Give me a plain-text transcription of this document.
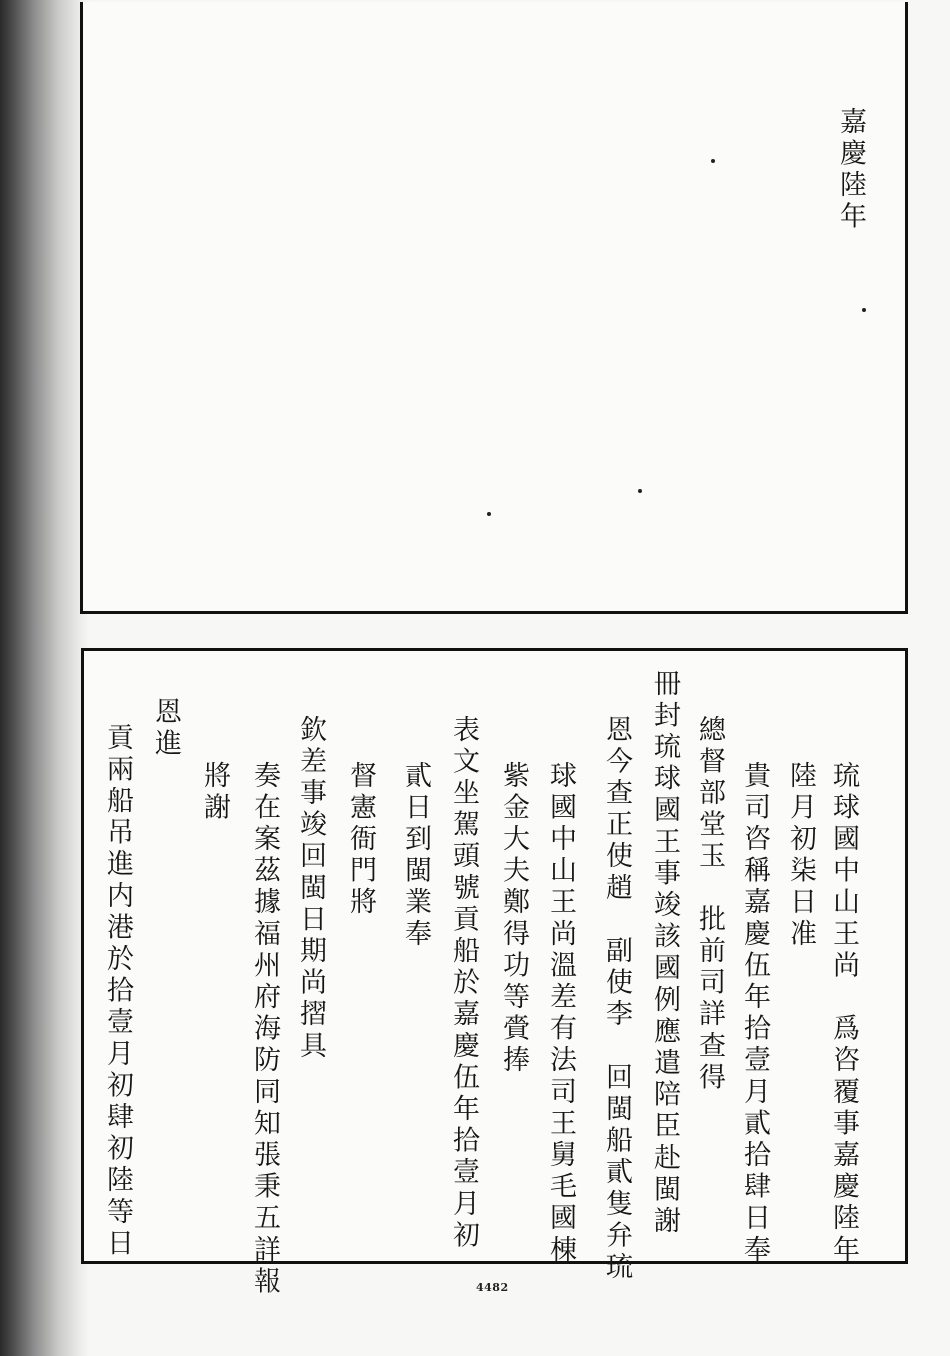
嘉慶陸年
琉球國中山王尚　爲咨覆事嘉慶陸年
陸月初柒日准
貴司咨稱嘉慶伍年拾壹月貳拾肆日奉
總督部堂玉　批前司詳查得
冊封琉球國王事竣該國例應遣陪臣赴閩謝
恩今查正使趙　副使李　回閩船貳隻弁琉
球國中山王尚溫差有法司王舅毛國棟
紫金大夫鄭得功等賫捧
表文坐駕頭號貢船於嘉慶伍年拾壹月初
貳日到閩業奉
督憲衙門將
欽差事竣回閩日期尚摺具
奏在案茲據福州府海防同知張秉五詳報
將謝
恩進
貢兩船吊進内港於拾壹月初肆初陸等日
4482
